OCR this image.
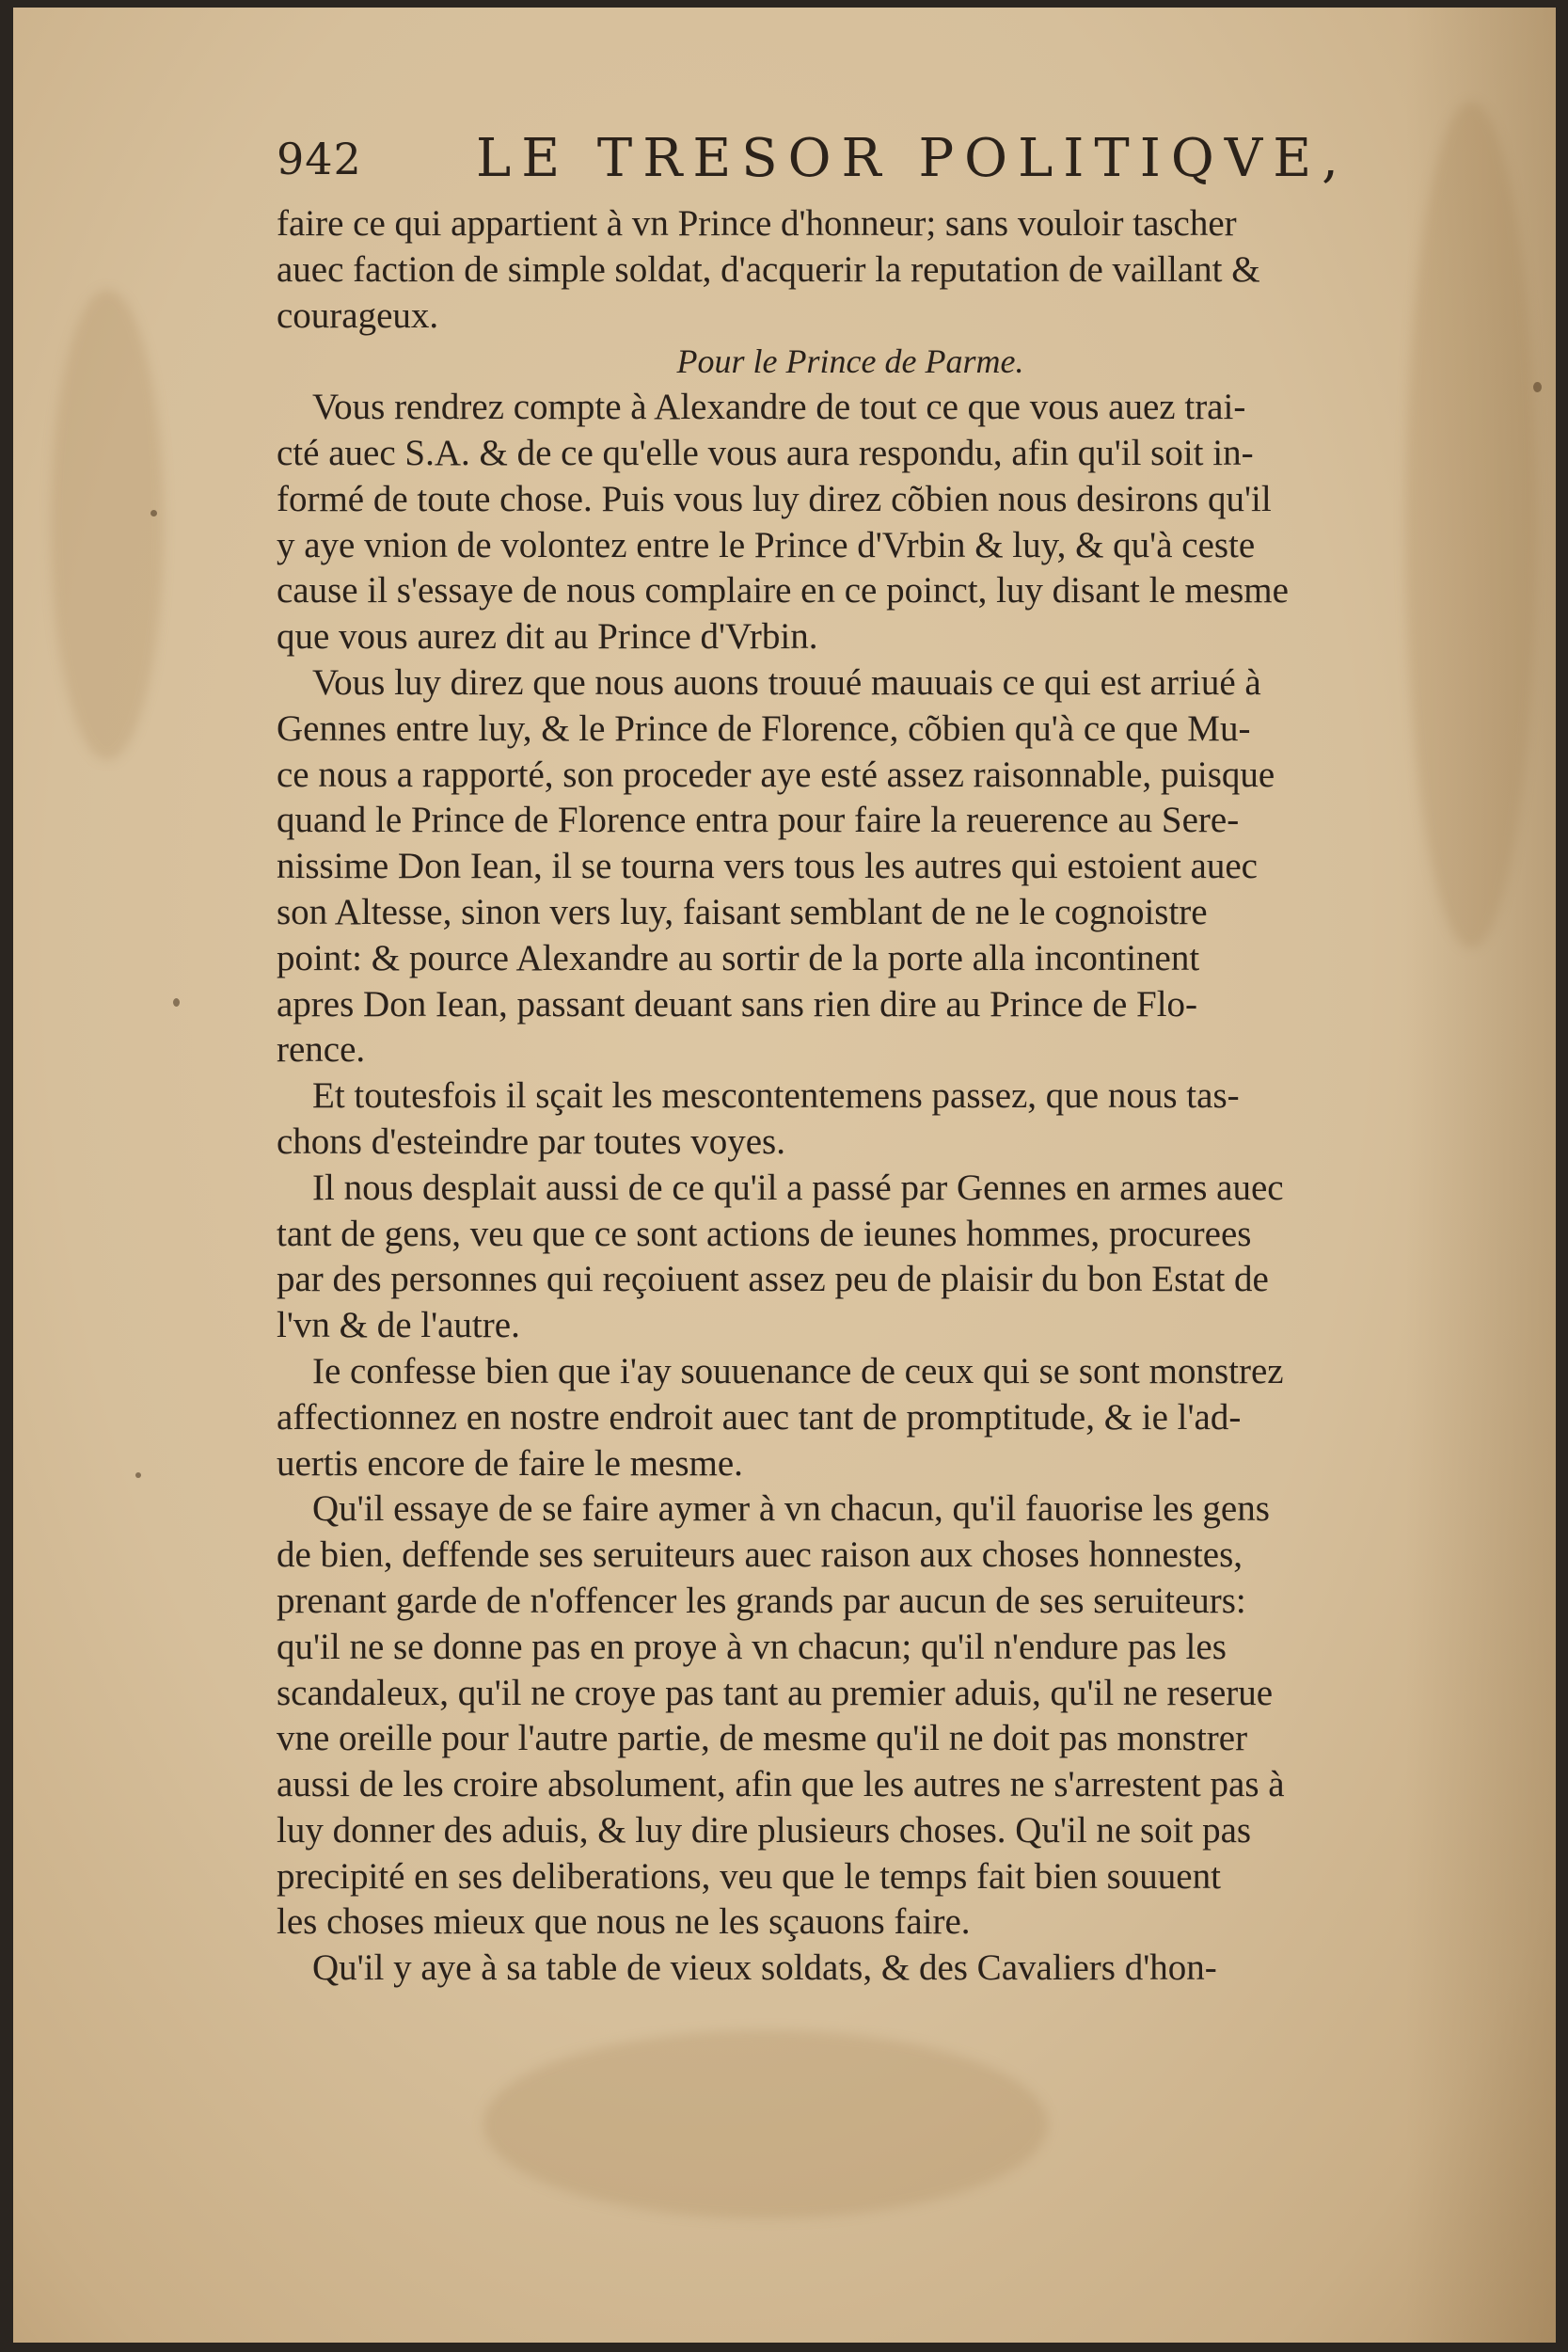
942 LE TRESOR POLITIQVE,
faire ce qui appartient à vn Prince d'honneur; sans vouloir tascher
auec faction de simple soldat, d'acquerir la reputation de vaillant &
courageux.
Pour le Prince de Parme.
Vous rendrez compte à Alexandre de tout ce que vous auez trai-
cté auec S.A. & de ce qu'elle vous aura respondu, afin qu'il soit in-
formé de toute chose. Puis vous luy direz cõbien nous desirons qu'il
y aye vnion de volontez entre le Prince d'Vrbin & luy, & qu'à ceste
cause il s'essaye de nous complaire en ce poinct, luy disant le mesme
que vous aurez dit au Prince d'Vrbin.
Vous luy direz que nous auons trouué mauuais ce qui est arriué à
Gennes entre luy, & le Prince de Florence, cõbien qu'à ce que Mu-
ce nous a rapporté, son proceder aye esté assez raisonnable, puisque
quand le Prince de Florence entra pour faire la reuerence au Sere-
nissime Don Iean, il se tourna vers tous les autres qui estoient auec
son Altesse, sinon vers luy, faisant semblant de ne le cognoistre
point: & pource Alexandre au sortir de la porte alla incontinent
apres Don Iean, passant deuant sans rien dire au Prince de Flo-
rence.
Et toutesfois il sçait les mescontentemens passez, que nous tas-
chons d'esteindre par toutes voyes.
Il nous desplait aussi de ce qu'il a passé par Gennes en armes auec
tant de gens, veu que ce sont actions de ieunes hommes, procurees
par des personnes qui reçoiuent assez peu de plaisir du bon Estat de
l'vn & de l'autre.
Ie confesse bien que i'ay souuenance de ceux qui se sont monstrez
affectionnez en nostre endroit auec tant de promptitude, & ie l'ad-
uertis encore de faire le mesme.
Qu'il essaye de se faire aymer à vn chacun, qu'il fauorise les gens
de bien, deffende ses seruiteurs auec raison aux choses honnestes,
prenant garde de n'offencer les grands par aucun de ses seruiteurs:
qu'il ne se donne pas en proye à vn chacun; qu'il n'endure pas les
scandaleux, qu'il ne croye pas tant au premier aduis, qu'il ne reserue
vne oreille pour l'autre partie, de mesme qu'il ne doit pas monstrer
aussi de les croire absolument, afin que les autres ne s'arrestent pas à
luy donner des aduis, & luy dire plusieurs choses. Qu'il ne soit pas
precipité en ses deliberations, veu que le temps fait bien souuent
les choses mieux que nous ne les sçauons faire.
Qu'il y aye à sa table de vieux soldats, & des Cavaliers d'hon-
